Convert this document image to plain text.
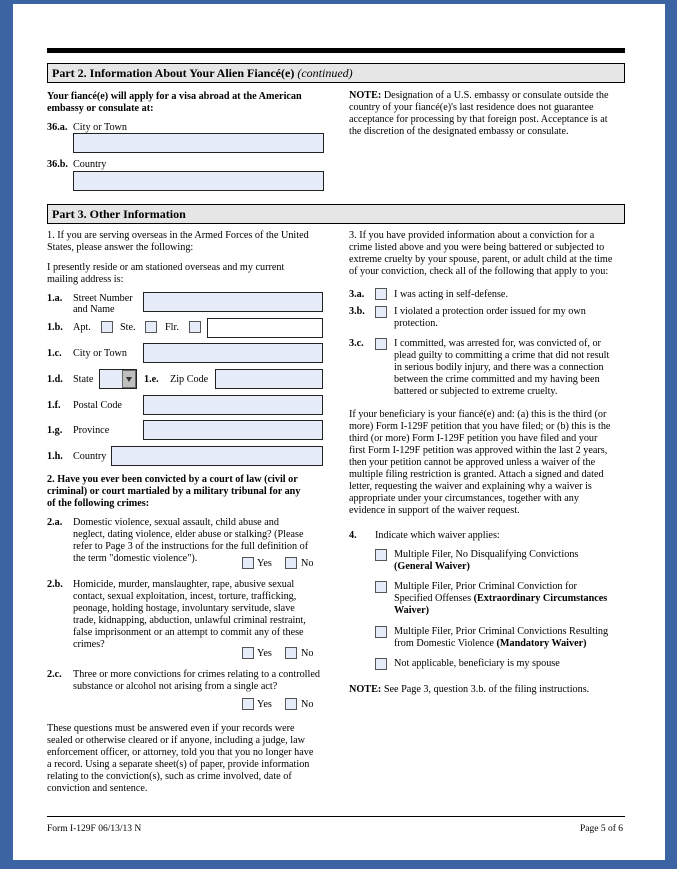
Part 2. Information About Your Alien Fiancé(e) (continued)
Your fiancé(e) will apply for a visa abroad at the American
embassy or consulate at:
36.a. City or Town
36.b. Country
NOTE: Designation of a U.S. embassy or consulate outside the
country of your fiancé(e)'s last residence does not guarantee
acceptance for processing by that foreign post. Acceptance is at
the discretion of the designated embassy or consulate.
Part 3. Other Information
1. If you are serving overseas in the Armed Forces of the United
States, please answer the following:
I presently reside or am stationed overseas and my current
mailing address is:
1.a. Street Number
and Name
1.b. Apt.	Ste.	Flr.
1.c. City or Town
1.d. State	1.e. Zip Code
1.f. Postal Code
1.g. Province
1.h. Country
2. Have you ever been convicted by a court of law (civil or
criminal) or court martialed by a military tribunal for any
of the following crimes:
2.a. Domestic violence, sexual assault, child abuse and
neglect, dating violence, elder abuse or stalking? (Please
refer to Page 3 of the instructions for the full definition of
the term "domestic violence").	Yes	No
2.b. Homicide, murder, manslaughter, rape, abusive sexual
contact, sexual exploitation, incest, torture, trafficking,
peonage, holding hostage, involuntary servitude, slave
trade, kidnapping, abduction, unlawful criminal restraint,
false imprisonment or an attempt to commit any of these
crimes?
Yes	No
2.c. Three or more convictions for crimes relating to a controlled
substance or alcohol not arising from a single act?
Yes	No
These questions must be answered even if your records were
sealed or otherwise cleared or if anyone, including a judge, law
enforcement officer, or attorney, told you that you no longer have
a record. Using a separate sheet(s) of paper, provide information
relating to the conviction(s), such as crime involved, date of
conviction and sentence.
3. If you have provided information about a conviction for a
crime listed above and you were being battered or subjected to
extreme cruelty by your spouse, parent, or adult child at the time
of your conviction, check all of the following that apply to you:
3.a.	I was acting in self-defense.
3.b.	I violated a protection order issued for my own
protection.
3.c.	I committed, was arrested for, was convicted of, or
plead guilty to committing a crime that did not result
in serious bodily injury, and there was a connection
between the crime committed and my having been
battered or subjected to extreme cruelty.
If your beneficiary is your fiancé(e) and: (a) this is the third (or
more) Form I-129F petition that you have filed; or (b) this is the
third (or more) Form I-129F petition you have filed and your
first Form I-129F petition was approved within the last 2 years,
then your petition cannot be approved unless a waiver of the
multiple filing restriction is granted. Attach a signed and dated
letter, requesting the waiver and explaining why a waiver is
appropriate under your circumstances, together with any
evidence in support of the waiver request.
4. Indicate which waiver applies:
Multiple Filer, No Disqualifying Convictions
(General Waiver)
Multiple Filer, Prior Criminal Conviction for
Specified Offenses (Extraordinary Circumstances
Waiver)
Multiple Filer, Prior Criminal Convictions Resulting
from Domestic Violence (Mandatory Waiver)
Not applicable, beneficiary is my spouse
NOTE: See Page 3, question 3.b. of the filing instructions.
Form I-129F 06/13/13 N	Page 5 of 6
